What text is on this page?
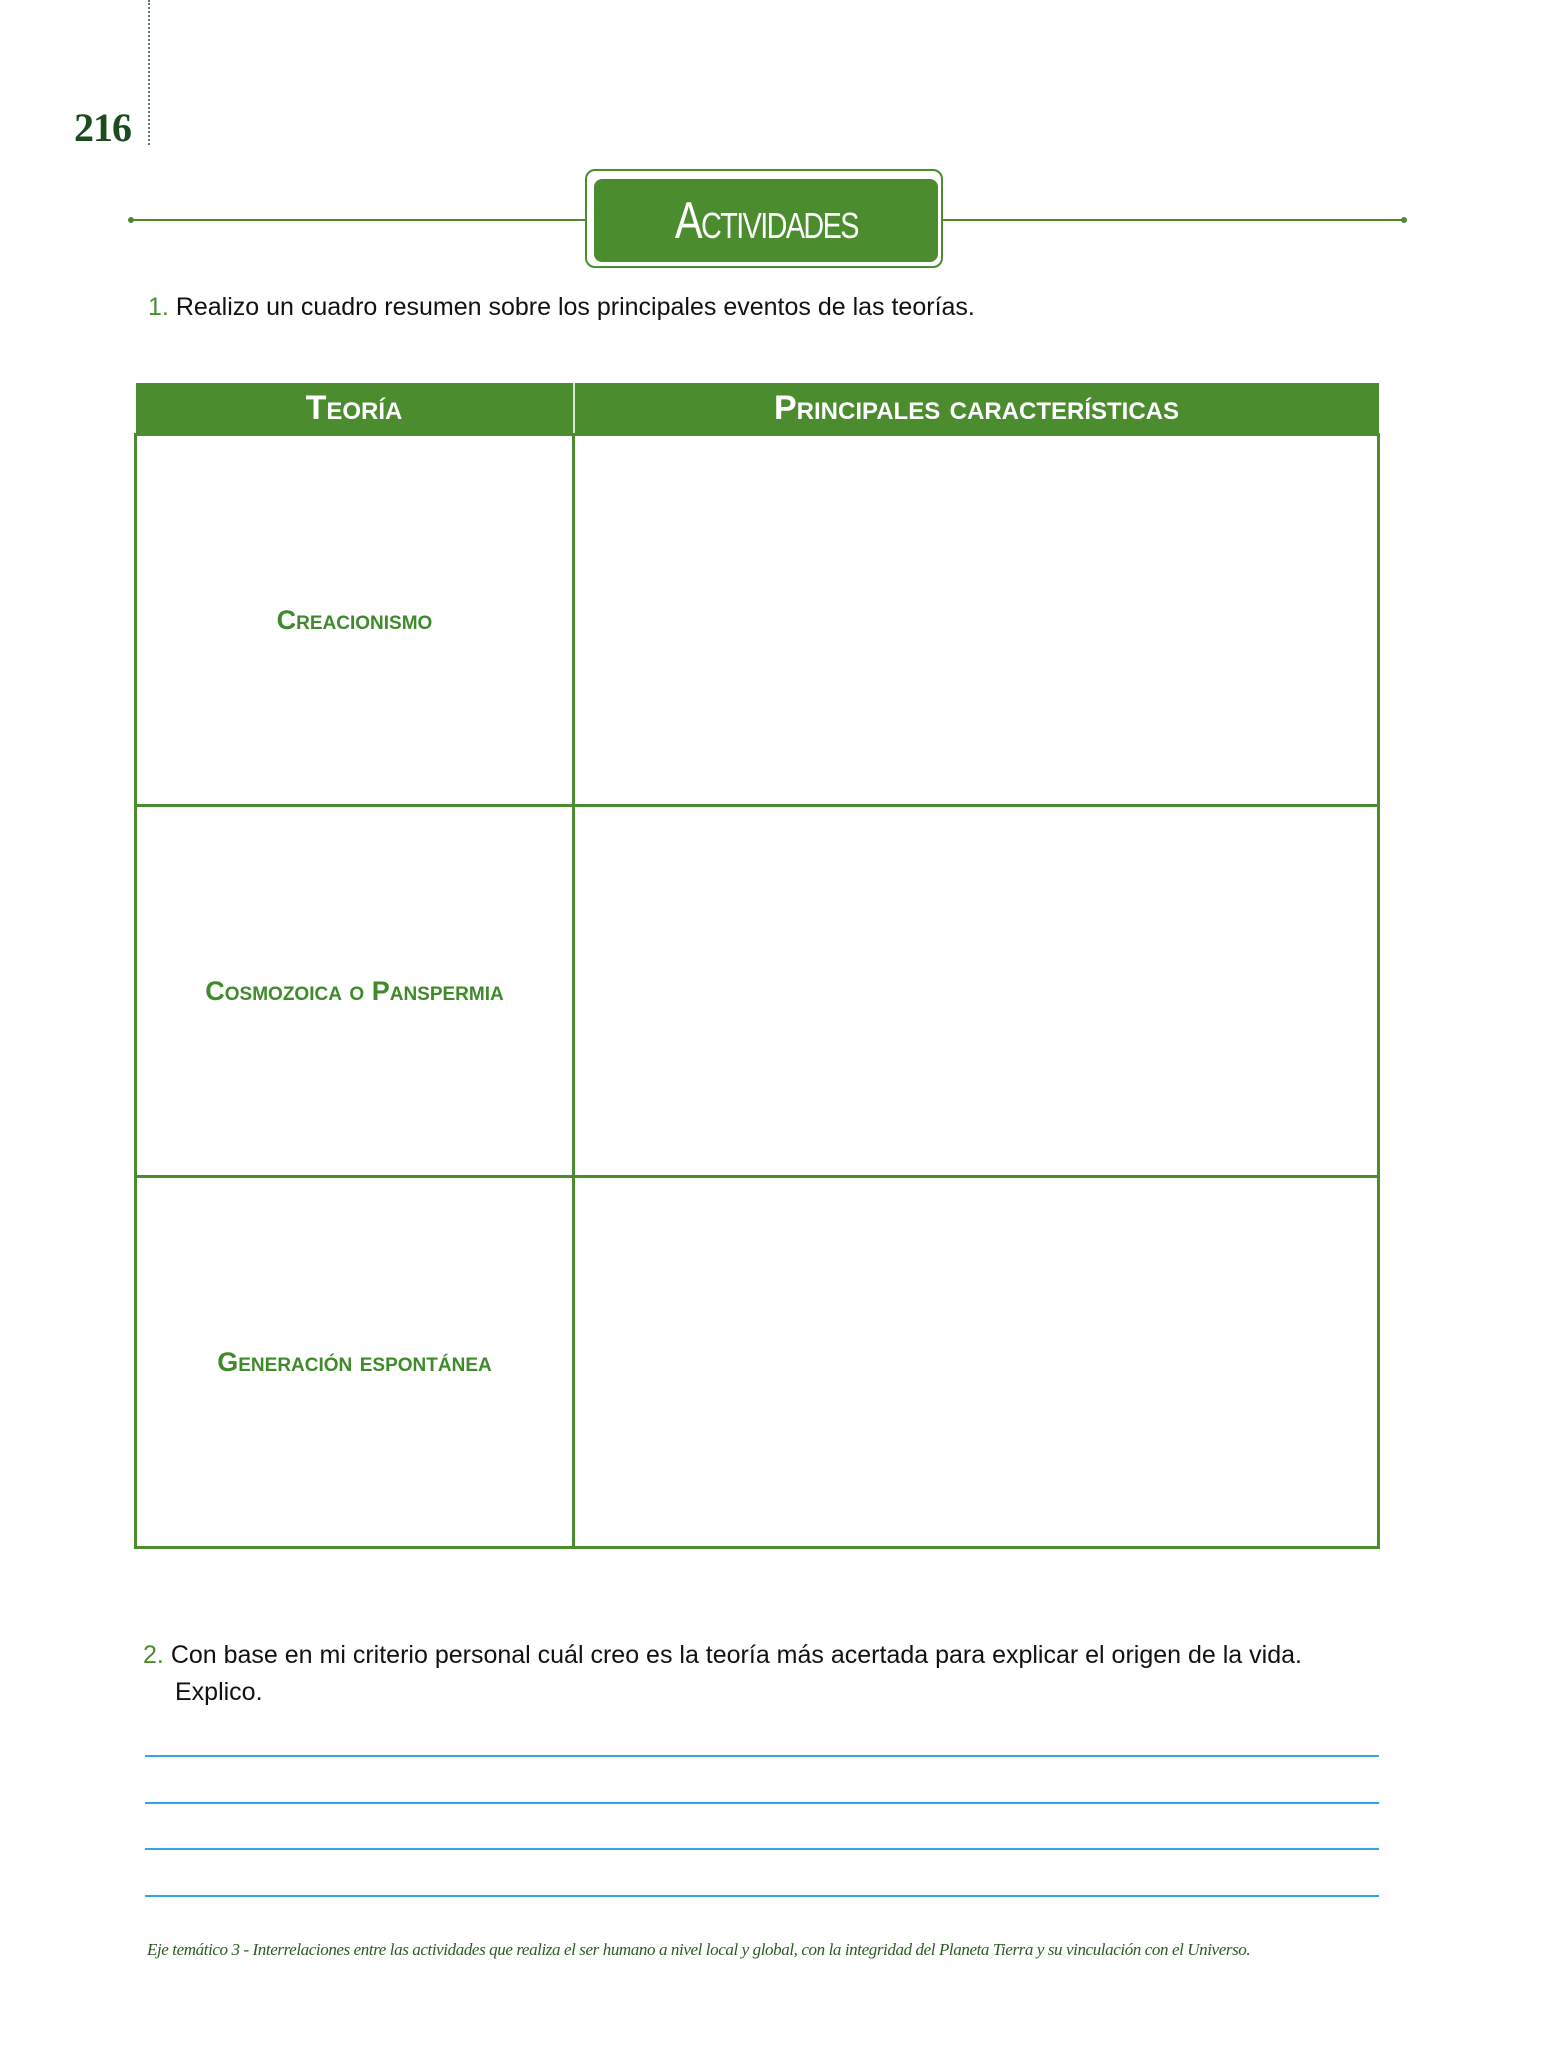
216
Actividades
1. Realizo un cuadro resumen sobre los principales eventos de las teorías.
Teoría	Principales características
Creacionismo	
Cosmozoica o Panspermia	
Generación espontánea	
2. Con base en mi criterio personal cuál creo es la teoría más acertada para explicar el origen de la vida. Explico.
Eje temático 3 - Interrelaciones entre las actividades que realiza el ser humano a nivel local y global, con la integridad del Planeta Tierra y su vinculación con el Universo.
